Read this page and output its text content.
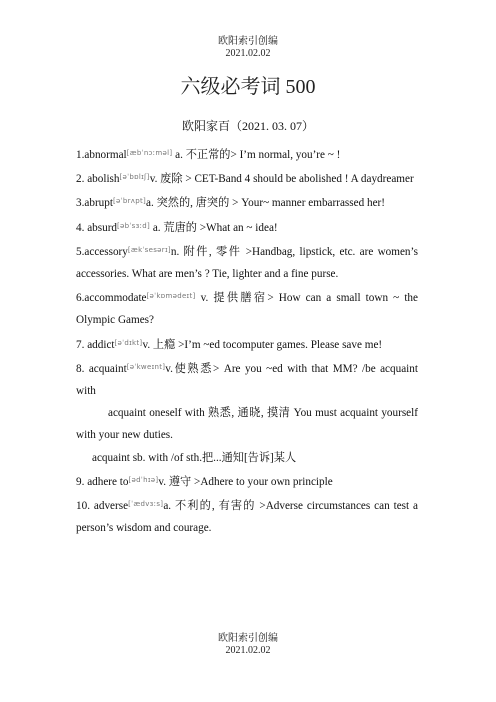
欧阳索引创编
2021.02.02
六级必考词 500
欧阳家百（2021. 03. 07）

1.abnormal[æbˈnɔːməl] a. 不正常的> I’m normal, you’re ~ !

2. abolish[əˈbɒlɪʃ]v. 废除 > CET-Band 4 should be abolished ! A daydreamer

3.abrupt[əˈbrʌpt]a. 突然的, 唐突的 > Your~ manner embarrassed her!

4. absurd[əbˈsɜːd] a. 荒唐的 >What an ~ idea!

5.accessory[ækˈsesərɪ]n. 附件, 零件 >Handbag, lipstick, etc. are women’s accessories. What are men’s ? Tie, lighter and a fine purse.

6.accommodate[əˈkɒmədeɪt] v. 提供膳宿> How can a small town ~ the Olympic Games?

7. addict[əˈdɪkt]v. 上瘾 >I’m ~ed tocomputer games. Please save me!

8. acquaint[əˈkweɪnt]v.使熟悉> Are you ~ed with that MM? /be acquaint with

acquaint oneself with 熟悉, 通晓, 摸清 You must acquaint yourself with your new duties.

acquaint sb. with /of sth.把...通知[告诉]某人

9. adhere to[ədˈhɪə]v. 遵守 >Adhere to your own principle

10. adverse[ˈædvɜːs]a. 不利的, 有害的 >Adverse circumstances can test a person’s wisdom and courage.

欧阳索引创编
2021.02.02
